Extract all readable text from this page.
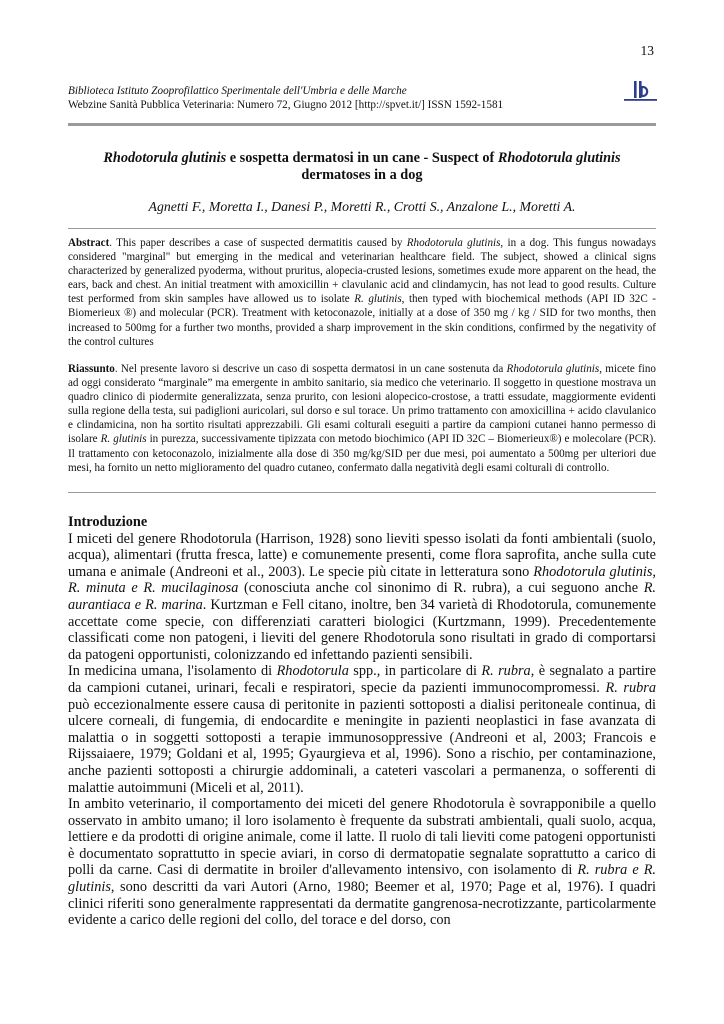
13
Biblioteca Istituto Zooprofilattico Sperimentale dell'Umbria e delle Marche
Webzine Sanità Pubblica Veterinaria: Numero 72, Giugno 2012 [http://spvet.it/] ISSN 1592-1581
Rhodotorula glutinis e sospetta dermatosi in un cane - Suspect of Rhodotorula glutinis
dermatoses in a dog
Agnetti F., Moretta I., Danesi P., Moretti R., Crotti S., Anzalone L., Moretti A.
Abstract. This paper describes a case of suspected dermatitis caused by Rhodotorula glutinis, in a dog. This fungus nowadays considered "marginal" but emerging in the medical and veterinarian healthcare field. The subject, showed a clinical signs characterized by generalized pyoderma, without pruritus, alopecia-crusted lesions, sometimes exude more apparent on the head, the ears, back and chest. An initial treatment with amoxicillin + clavulanic acid and clindamycin, has not lead to good results. Culture test performed from skin samples have allowed us to isolate R. glutinis, then typed with biochemical methods (API ID 32C - Biomerieux ®) and molecular (PCR). Treatment with ketoconazole, initially at a dose of 350 mg / kg / SID for two months, then increased to 500mg for a further two months, provided a sharp improvement in the skin conditions, confirmed by the negativity of the control cultures
Riassunto. Nel presente lavoro si descrive un caso di sospetta dermatosi in un cane sostenuta da Rhodotorula glutinis, micete fino ad oggi considerato “marginale” ma emergente in ambito sanitario, sia medico che veterinario. Il soggetto in questione mostrava un quadro clinico di piodermite generalizzata, senza prurito, con lesioni alopecico-crostose, a tratti essudate, maggiormente evidenti sulla regione della testa, sui padiglioni auricolari, sul dorso e sul torace. Un primo trattamento con amoxicillina + acido clavulanico e clindamicina, non ha sortito risultati apprezzabili. Gli esami colturali eseguiti a partire da campioni cutanei hanno permesso di isolare R. glutinis in purezza, successivamente tipizzata con metodo biochimico (API ID 32C – Biomerieux®) e molecolare (PCR). Il trattamento con ketoconazolo, inizialmente alla dose di 350 mg/kg/SID per due mesi, poi aumentato a 500mg per ulteriori due mesi, ha fornito un netto miglioramento del quadro cutaneo, confermato dalla negatività degli esami colturali di controllo.
Introduzione

I miceti del genere Rhodotorula (Harrison, 1928) sono lieviti spesso isolati da fonti ambientali (suolo, acqua), alimentari (frutta fresca, latte) e comunemente presenti, come flora saprofita, anche sulla cute umana e animale (Andreoni et al., 2003). Le specie più citate in letteratura sono Rhodotorula glutinis, R. minuta e R. mucilaginosa (conosciuta anche col sinonimo di R. rubra), a cui seguono anche R. aurantiaca e R. marina. Kurtzman e Fell citano, inoltre, ben 34 varietà di Rhodotorula, comunemente accettate come specie, con differenziati caratteri biologici (Kurtzmann, 1999). Precedentemente classificati come non patogeni, i lieviti del genere Rhodotorula sono risultati in grado di comportarsi da patogeni opportunisti, colonizzando ed infettando pazienti sensibili.

In medicina umana, l'isolamento di Rhodotorula spp., in particolare di R. rubra, è segnalato a partire da campioni cutanei, urinari, fecali e respiratori, specie da pazienti immunocompromessi. R. rubra può eccezionalmente essere causa di peritonite in pazienti sottoposti a dialisi peritoneale continua, di ulcere corneali, di fungemia, di endocardite e meningite in pazienti neoplastici in fase avanzata di malattia o in soggetti sottoposti a terapie immunosoppressive (Andreoni et al, 2003; Francois e Rijssaiaere, 1979; Goldani et al, 1995; Gyaurgieva et al, 1996). Sono a rischio, per contaminazione, anche pazienti sottoposti a chirurgie addominali, a cateteri vascolari a permanenza, o sofferenti di malattie autoimmuni (Miceli et al, 2011).

In ambito veterinario, il comportamento dei miceti del genere Rhodotorula è sovrapponibile a quello osservato in ambito umano; il loro isolamento è frequente da substrati ambientali, quali suolo, acqua, lettiere e da prodotti di origine animale, come il latte. Il ruolo di tali lieviti come patogeni opportunisti è documentato soprattutto in specie aviari, in corso di dermatopatie segnalate soprattutto a carico di polli da carne. Casi di dermatite in broiler d'allevamento intensivo, con isolamento di R. rubra e R. glutinis, sono descritti da vari Autori (Arno, 1980; Beemer et al, 1970; Page et al, 1976). I quadri clinici riferiti sono generalmente rappresentati da dermatite gangrenosa-necrotizzante, particolarmente evidente a carico delle regioni del collo, del torace e del dorso, con
